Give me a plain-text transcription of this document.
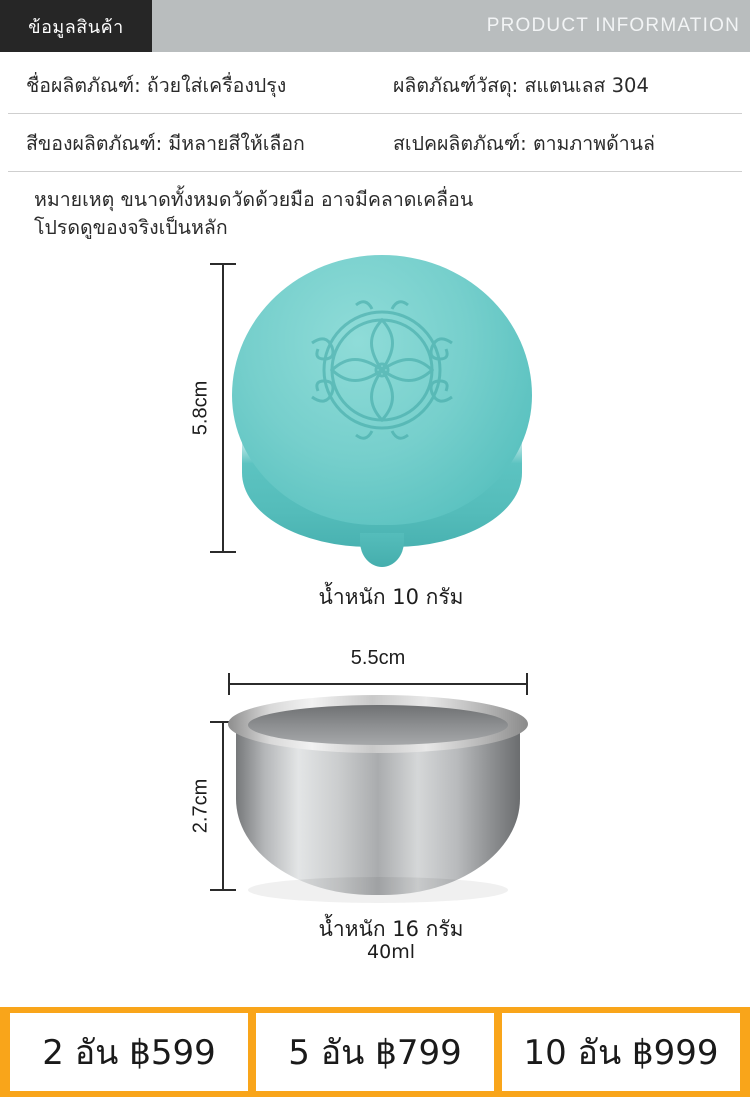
ข้อมูลสินค้า	PRODUCT INFORMATION
ชื่อผลิตภัณฑ์: ถ้วยใส่เครื่องปรุง	ผลิตภัณฑ์วัสดุ: สแตนเลส 304
สีของผลิตภัณฑ์: มีหลายสีให้เลือก	สเปคผลิตภัณฑ์: ตามภาพด้านล่
หมายเหตุ ขนาดทั้งหมดวัดด้วยมือ อาจมีคลาดเคลื่อน
โปรดดูของจริงเป็นหลัก
5.8cm
น้ำหนัก 10 กรัม
5.5cm
2.7cm
น้ำหนัก 16 กรัม
40ml
2 อัน ฿599	5 อัน ฿799	10 อัน ฿999
